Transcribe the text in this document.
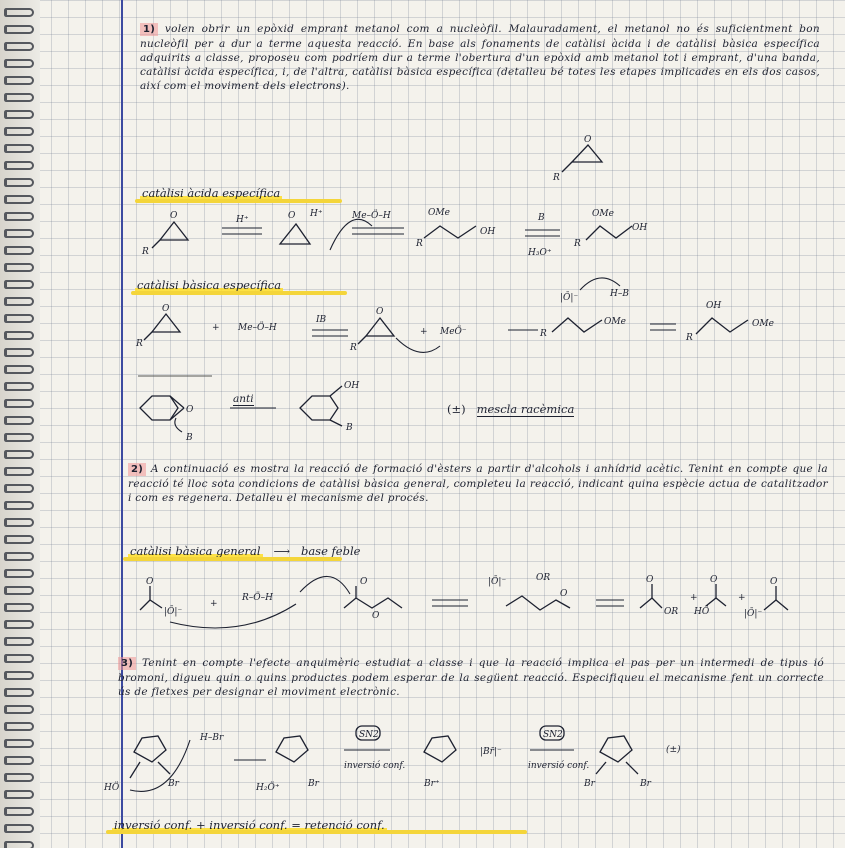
1) volen obrir un epòxid emprant metanol com a nucleòfil. Malauradament, el metanol no és suficientment bon nucleòfil per a dur a terme aquesta reacció. En base als fonaments de catàlisi àcida i de catàlisi bàsica específica adquirits a classe, proposeu com podríem dur a terme l'obertura d'un epòxid amb metanol tot i emprant, d'una banda, catàlisi àcida específica, i, de l'altra, catàlisi bàsica específica (detalleu bé totes les etapes implicades en els dos casos, així com el moviment dels electrons).
catàlisi àcida específica
catàlisi bàsica específica
(±) mescla racèmica
anti
2) A continuació es mostra la reacció de formació d'èsters a partir d'alcohols i anhídrid acètic. Tenint en compte que la reacció té lloc sota condicions de catàlisi bàsica general, completeu la reacció, indicant quina espècie actua de catalitzador i com es regenera. Detalleu el mecanisme del procés.
catàlisi bàsica general ⟶ base feble
3) Tenint en compte l'efecte anquimèric estudiat a classe i que la reacció implica el pas per un intermedi de tipus ió bromoni, digueu quin o quins productes podem esperar de la següent reacció. Especifiqueu el mecanisme fent un correcte ús de fletxes per designar el moviment electrònic.
inversió conf. + inversió conf. = retenció conf.
O
R
O
R
H⁺	O H⁺	Me–Ö–H	OMe
OH
R
B
H₃O⁺
OMe
OH
R
O
R
+ Me–Ö–H
IB
O
R
+ MeÖ⁻
|Ō|⁻	H–B
OMe
R
OH
OMe
R
O
B
OH
B
O
|Ō|⁻
+
R–Ö–H
O
O
|Ō|⁻	OR
O
O
OR
+
HÖ
O
+
|Ō|⁻
O
HÖ	Br
H–Br
H₂Ö⁺	Br
SN2
inversió conf.
Br⁺
|Br̄|⁻
SN2
inversió conf.
Br	Br
(±)
